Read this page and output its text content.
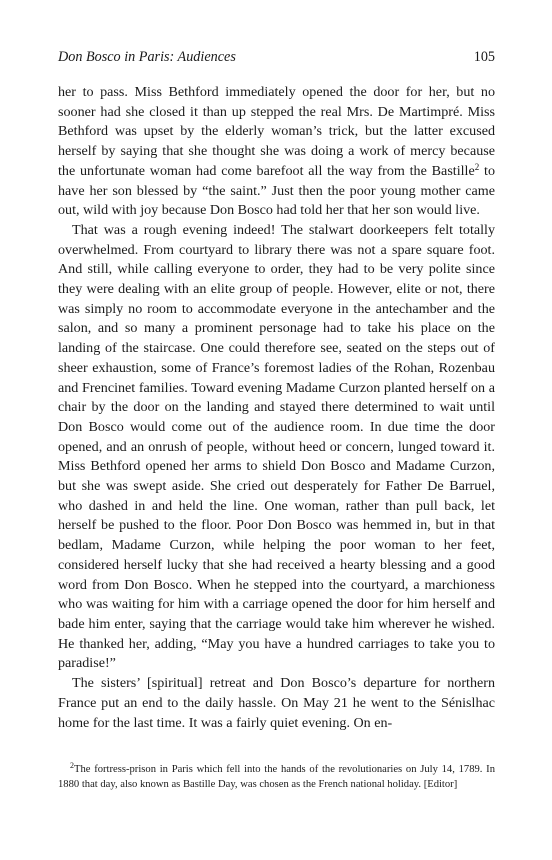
Don Bosco in Paris: Audiences	105

her to pass. Miss Bethford immediately opened the door for her, but no sooner had she closed it than up stepped the real Mrs. De Martimpré. Miss Bethford was upset by the elderly woman’s trick, but the latter excused herself by saying that she thought she was doing a work of mercy because the unfortunate woman had come barefoot all the way from the Bastille$^2$ to have her son blessed by “the saint.” Just then the poor young mother came out, wild with joy because Don Bosco had told her that her son would live.

That was a rough evening indeed! The stalwart doorkeepers felt totally overwhelmed. From courtyard to library there was not a spare square foot. And still, while calling everyone to order, they had to be very polite since they were dealing with an elite group of people. However, elite or not, there was simply no room to accommodate everyone in the antechamber and the salon, and so many a prominent personage had to take his place on the landing of the staircase. One could therefore see, seated on the steps out of sheer exhaustion, some of France’s foremost ladies of the Rohan, Rozenbau and Frencinet families. Toward evening Madame Curzon planted herself on a chair by the door on the landing and stayed there determined to wait until Don Bosco would come out of the audience room. In due time the door opened, and an onrush of people, without heed or concern, lunged toward it. Miss Bethford opened her arms to shield Don Bosco and Madame Curzon, but she was swept aside. She cried out desperately for Father De Barruel, who dashed in and held the line. One woman, rather than pull back, let herself be pushed to the floor. Poor Don Bosco was hemmed in, but in that bedlam, Madame Curzon, while helping the poor woman to her feet, considered herself lucky that she had received a hearty blessing and a good word from Don Bosco. When he stepped into the courtyard, a marchioness who was waiting for him with a carriage opened the door for him herself and bade him enter, saying that the carriage would take him wherever he wished. He thanked her, adding, “May you have a hundred carriages to take you to paradise!”

The sisters’ [spiritual] retreat and Don Bosco’s departure for northern France put an end to the daily hassle. On May 21 he went to the Sénislhac home for the last time. It was a fairly quiet evening. On en-

$^2$The fortress-prison in Paris which fell into the hands of the revolutionaries on July 14, 1789. In 1880 that day, also known as Bastille Day, was chosen as the French national holiday. [Editor]
